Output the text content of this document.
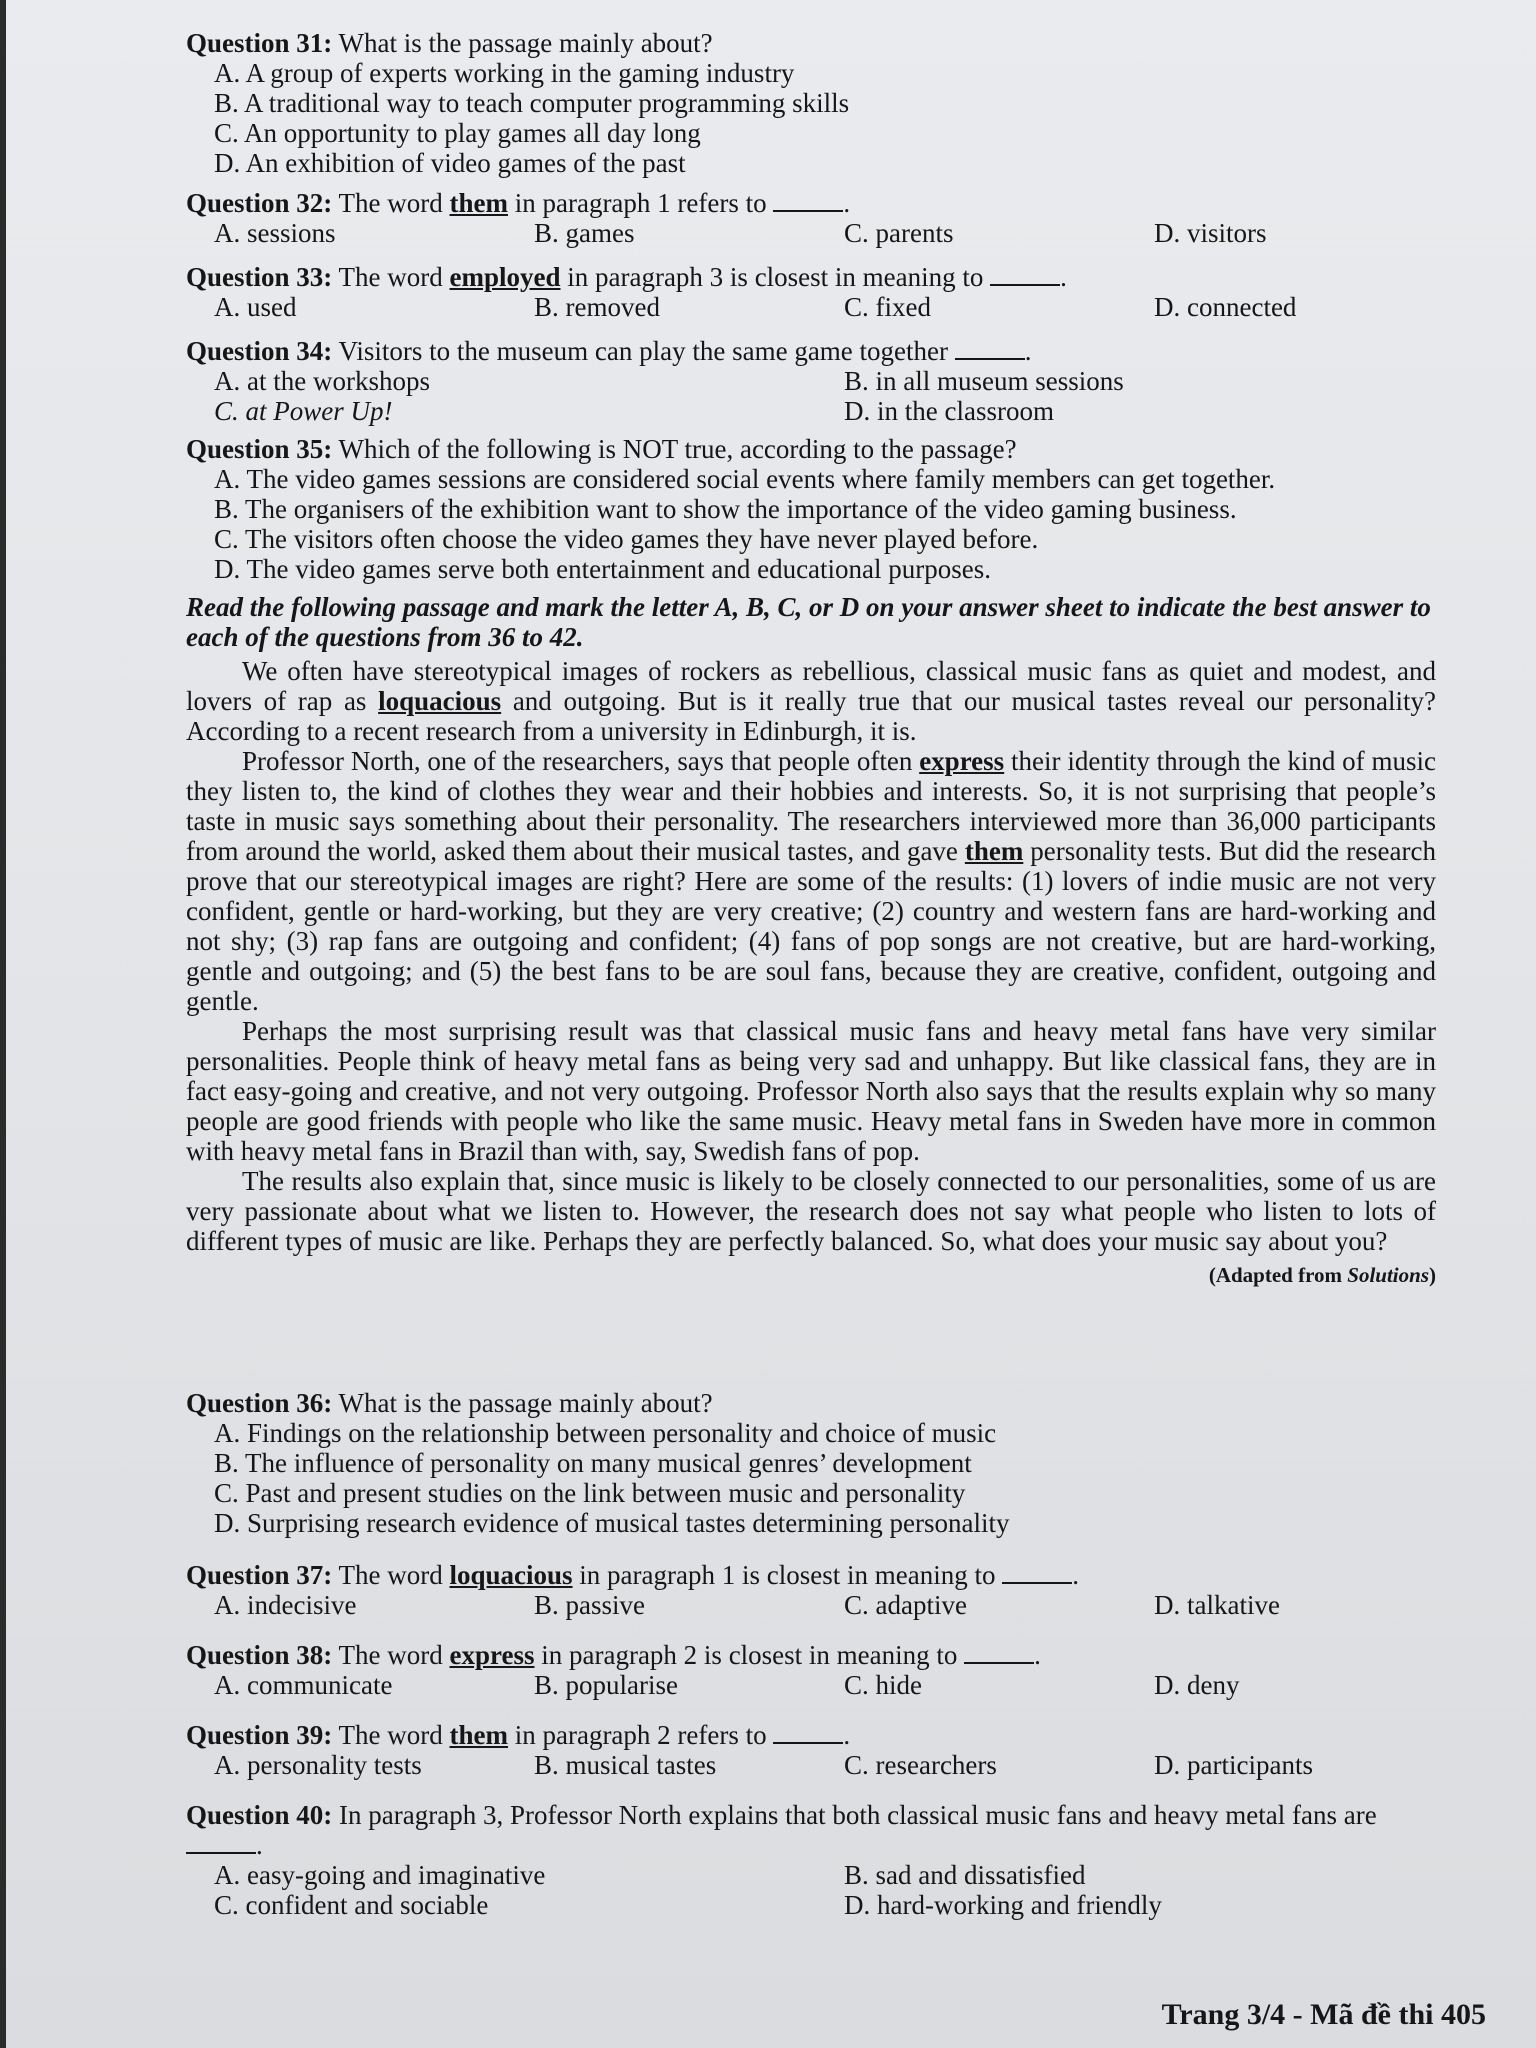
Question 31: What is the passage mainly about?
A. A group of experts working in the gaming industry
B. A traditional way to teach computer programming skills
C. An opportunity to play games all day long
D. An exhibition of video games of the past
Question 32: The word them in paragraph 1 refers to	.
A. sessions	B. games	C. parents	D. visitors
Question 33: The word employed in paragraph 3 is closest in meaning to	.
A. used	B. removed	C. fixed	D. connected
Question 34: Visitors to the museum can play the same game together	.
A. at the workshops	B. in all museum sessions
C. at Power Up!	D. in the classroom
Question 35: Which of the following is NOT true, according to the passage?
A. The video games sessions are considered social events where family members can get together.
B. The organisers of the exhibition want to show the importance of the video gaming business.
C. The visitors often choose the video games they have never played before.
D. The video games serve both entertainment and educational purposes.
Read the following passage and mark the letter A, B, C, or D on your answer sheet to indicate the best answer to each of the questions from 36 to 42.
We often have stereotypical images of rockers as rebellious, classical music fans as quiet and modest, and lovers of rap as loquacious and outgoing. But is it really true that our musical tastes reveal our personality? According to a recent research from a university in Edinburgh, it is.
Professor North, one of the researchers, says that people often express their identity through the kind of music they listen to, the kind of clothes they wear and their hobbies and interests. So, it is not surprising that people’s taste in music says something about their personality. The researchers interviewed more than 36,000 participants from around the world, asked them about their musical tastes, and gave them personality tests. But did the research prove that our stereotypical images are right? Here are some of the results: (1) lovers of indie music are not very confident, gentle or hard-working, but they are very creative; (2) country and western fans are hard-working and not shy; (3) rap fans are outgoing and confident; (4) fans of pop songs are not creative, but are hard-working, gentle and outgoing; and (5) the best fans to be are soul fans, because they are creative, confident, outgoing and gentle.
Perhaps the most surprising result was that classical music fans and heavy metal fans have very similar personalities. People think of heavy metal fans as being very sad and unhappy. But like classical fans, they are in fact easy-going and creative, and not very outgoing. Professor North also says that the results explain why so many people are good friends with people who like the same music. Heavy metal fans in Sweden have more in common with heavy metal fans in Brazil than with, say, Swedish fans of pop.
The results also explain that, since music is likely to be closely connected to our personalities, some of us are very passionate about what we listen to. However, the research does not say what people who listen to lots of different types of music are like. Perhaps they are perfectly balanced. So, what does your music say about you?
(Adapted from Solutions)
Question 36: What is the passage mainly about?
A. Findings on the relationship between personality and choice of music
B. The influence of personality on many musical genres’ development
C. Past and present studies on the link between music and personality
D. Surprising research evidence of musical tastes determining personality
Question 37: The word loquacious in paragraph 1 is closest in meaning to	.
A. indecisive	B. passive	C. adaptive	D. talkative
Question 38: The word express in paragraph 2 is closest in meaning to	.
A. communicate	B. popularise	C. hide	D. deny
Question 39: The word them in paragraph 2 refers to	.
A. personality tests	B. musical tastes	C. researchers	D. participants
Question 40: In paragraph 3, Professor North explains that both classical music fans and heavy metal fans are .
A. easy-going and imaginative	B. sad and dissatisfied
C. confident and sociable	D. hard-working and friendly
Trang 3/4 - Mã đề thi 405
